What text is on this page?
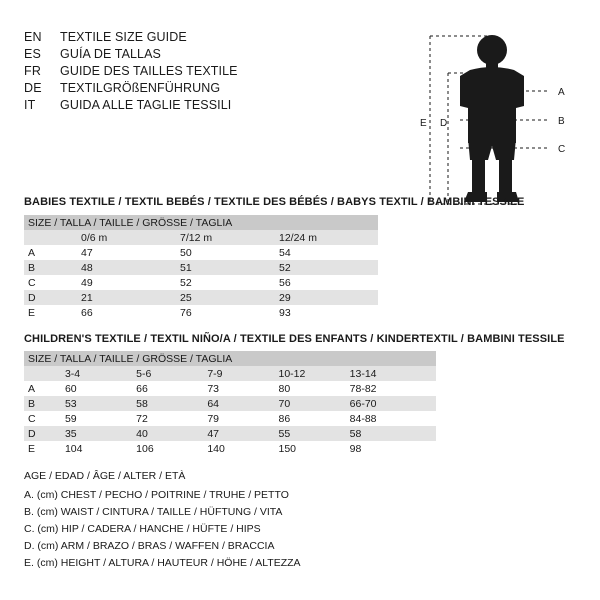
EN	TEXTILE SIZE GUIDE
ES	GUÍA DE TALLAS
FR	GUIDE DES TAILLES TEXTILE
DE	TEXTILGRÖßENFÜHRUNG
IT	GUIDA ALLE TAGLIE TESSILI
A
B
C
D
E
BABIES TEXTILE / TEXTIL BEBÉS / TEXTILE DES BÉBÉS / BABYS TEXTIL / BAMBINI TESSILE
SIZE / TALLA / TAILLE / GRÖSSE / TAGLIA			
	0/6 m	7/12 m	12/24 m
A	47	50	54
B	48	51	52
C	49	52	56
D	21	25	29
E	66	76	93
CHILDREN'S TEXTILE / TEXTIL NIÑO/A / TEXTILE DES ENFANTS / KINDERTEXTIL / BAMBINI TESSILE
SIZE / TALLA / TAILLE / GRÖSSE / TAGLIA					
	3-4	5-6	7-9	10-12	13-14
A	60	66	73	80	78-82
B	53	58	64	70	66-70
C	59	72	79	86	84-88
D	35	40	47	55	58
E	104	106	140	150	98
AGE / EDAD / ÂGE / ALTER / ETÀ
A. (cm) CHEST / PECHO / POITRINE / TRUHE / PETTO
B. (cm) WAIST / CINTURA / TAILLE / HÜFTUNG / VITA
C. (cm) HIP / CADERA / HANCHE / HÜFTE / HIPS
D. (cm) ARM / BRAZO / BRAS / WAFFEN / BRACCIA
E. (cm) HEIGHT / ALTURA / HAUTEUR / HÖHE / ALTEZZA
